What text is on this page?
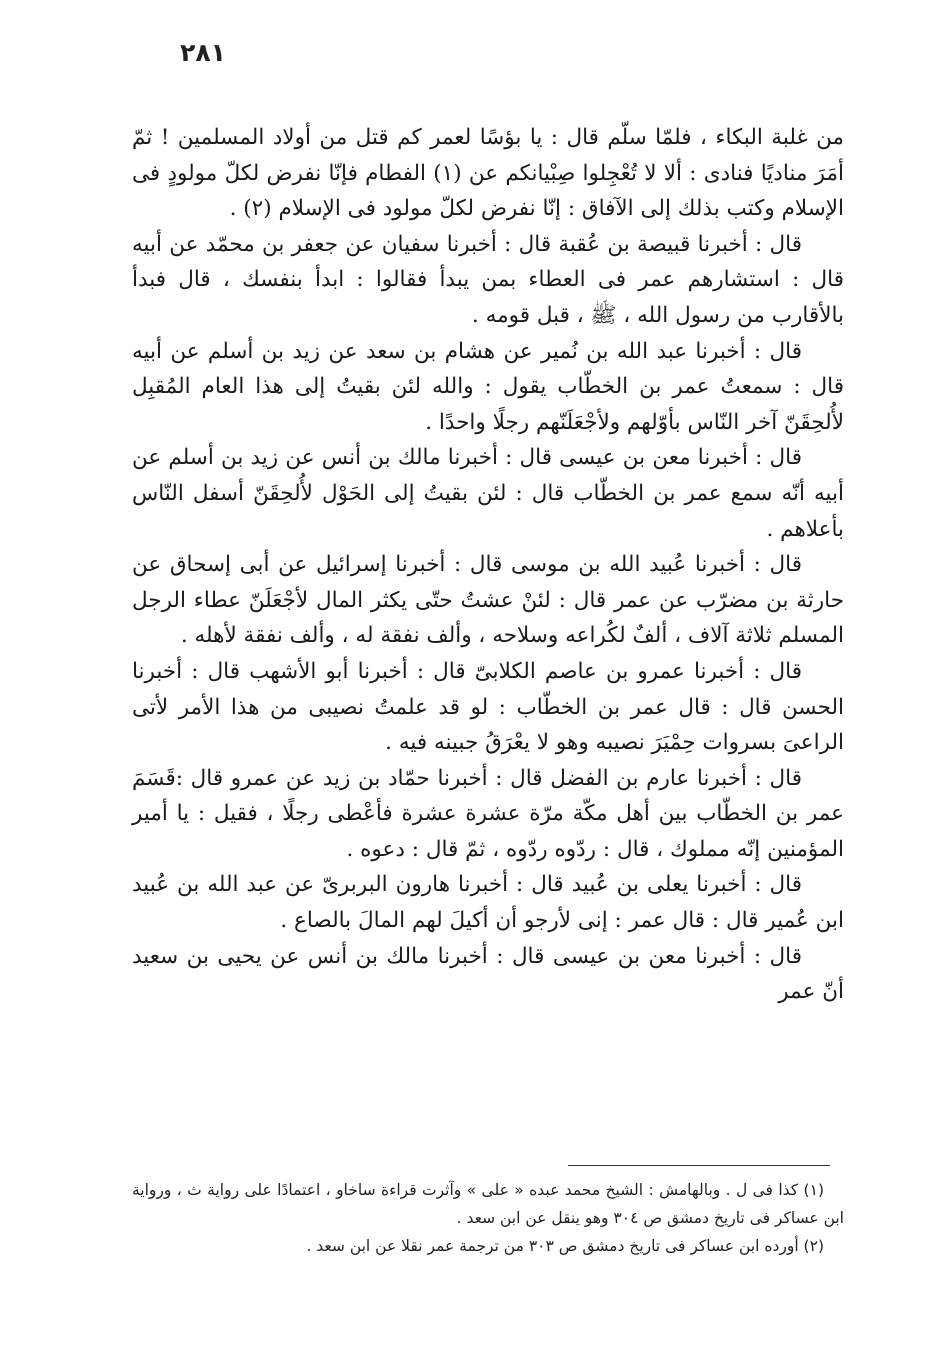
٢٨١

من غلبة البكاء ، فلمّا سلّم قال : يا بؤسًا لعمر كم قتل من أولاد المسلمين ! ثمّ أمَرَ مناديًا فنادى : ألا لا تُعْجِلوا صِبْيانكم عن (١) الفطام فإنّا نفرض لكلّ مولودٍ فى الإسلام وكتب بذلك إلى الآفاق : إنّا نفرض لكلّ مولود فى الإسلام (٢) .

قال : أخبرنا قبيصة بن عُقبة قال : أخبرنا سفيان عن جعفر بن محمّد عن أبيه قال : استشارهم عمر فى العطاء بمن يبدأ فقالوا : ابدأ بنفسك ، قال فبدأ بالأقارب من رسول الله ، ﷺ ، قبل قومه .

قال : أخبرنا عبد الله بن نُمير عن هشام بن سعد عن زيد بن أسلم عن أبيه قال : سمعتُ عمر بن الخطّاب يقول : والله لئن بقيتُ إلى هذا العام المُقبِل لأُلحِقَنّ آخر النّاس بأوّلهم ولأجْعَلَنّهم رجلًا واحدًا .

قال : أخبرنا معن بن عيسى قال : أخبرنا مالك بن أنس عن زيد بن أسلم عن أبيه أنّه سمع عمر بن الخطّاب قال : لئن بقيتُ إلى الحَوْل لأُلحِقَنّ أسفل النّاس بأعلاهم .

قال : أخبرنا عُبيد الله بن موسى قال : أخبرنا إسرائيل عن أبى إسحاق عن حارثة بن مضرّب عن عمر قال : لئنْ عشتُ حتّى يكثر المال لأجْعَلَنّ عطاء الرجل المسلم ثلاثة آلاف ، ألفٌ لكُراعه وسلاحه ، وألف نفقة له ، وألف نفقة لأهله .

قال : أخبرنا عمرو بن عاصم الكلابىّ قال : أخبرنا أبو الأشهب قال : أخبرنا الحسن قال : قال عمر بن الخطّاب : لو قد علمتُ نصيبى من هذا الأمر لأتى الراعىَ بسروات حِمْيَرَ نصيبه وهو لا يعْرَقُ جبينه فيه .

قال : أخبرنا عارم بن الفضل قال : أخبرنا حمّاد بن زيد عن عمرو قال :قَسَمَ عمر بن الخطّاب بين أهل مكّة مرّة عشرة عشرة فأعْطى رجلًا ، فقيل : يا أمير المؤمنين إنّه مملوك ، قال : ردّوه ردّوه ، ثمّ قال : دعوه .

قال : أخبرنا يعلى بن عُبيد قال : أخبرنا هارون البربرىّ عن عبد الله بن عُبيد ابن عُمير قال : قال عمر : إنى لأرجو أن أكيلَ لهم المالَ بالصاع .

قال : أخبرنا معن بن عيسى قال : أخبرنا مالك بن أنس عن يحيى بن سعيد أنّ عمر

(١) كذا فى ل . وبالهامش : الشيخ محمد عبده « على » وآثرت قراءة ساخاو ، اعتمادًا على رواية ث ، ورواية ابن عساكر فى تاريخ دمشق ص ٣٠٤ وهو ينقل عن ابن سعد .

(٢) أورده ابن عساكر فى تاريخ دمشق ص ٣٠٣ من ترجمة عمر نقلا عن ابن سعد .
